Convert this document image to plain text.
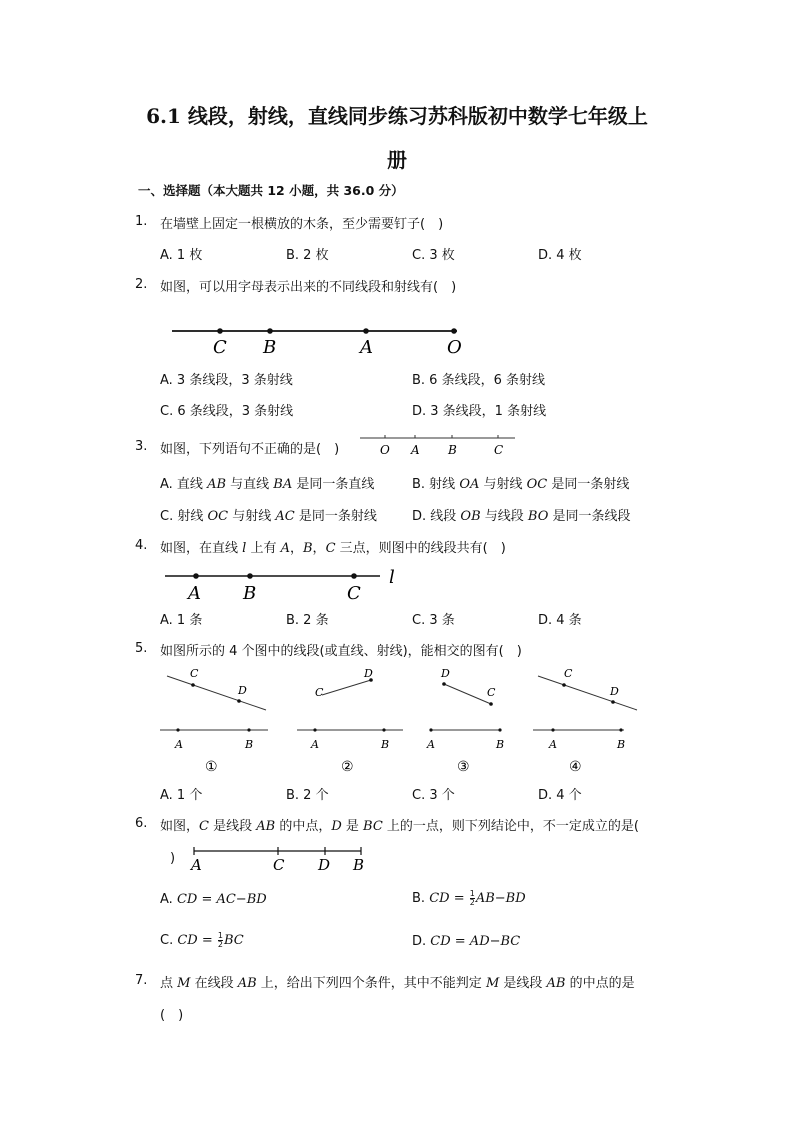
6.1 线段，射线，直线同步练习苏科版初中数学七年级上
册
一、选择题（本大题共 12 小题，共 36.0 分）
1. 在墙壁上固定一根横放的木条，至少需要钉子(　)
A. 1 枚	B. 2 枚	C. 3 枚	D. 4 枚
2. 如图，可以用字母表示出来的不同线段和射线有(　)
C B	A	O
A. 3 条线段，3 条射线	B. 6 条线段，6 条射线
C. 6 条线段，3 条射线	D. 3 条线段，1 条射线
3. 如图，下列语句不正确的是(　)	O A B	C
A. 直线 AB 与直线 BA 是同一条直线	B. 射线 OA 与射线 OC 是同一条射线
C. 射线 OC 与射线 AC 是同一条射线	D. 线段 OB 与线段 BO 是同一条线段
4. 如图，在直线 l 上有 A，B，C 三点，则图中的线段共有(　)
A B	C
l
A. 1 条	B. 2 条	C. 3 条	D. 4 条
5. 如图所示的 4 个图中的线段(或直线、射线)，能相交的图有(　)
C
D
A	B
①
C
D
A	B
②
D
C
A	B
③
C
D
A	B
④
A. 1 个	B. 2 个	C. 3 个	D. 4 个
6. 如图，C 是线段 AB 的中点，D 是 BC 上的一点，则下列结论中，不一定成立的是(
) A	C D B
A. CD = AC−BD	B. CD = $\frac{1}{2} AB-BD$
C. CD = $\frac{1}{2}$ BC	D. CD = AD−BC
7. 点 M 在线段 AB 上，给出下列四个条件，其中不能判定 M 是线段 AB 的中点的是
(　)
